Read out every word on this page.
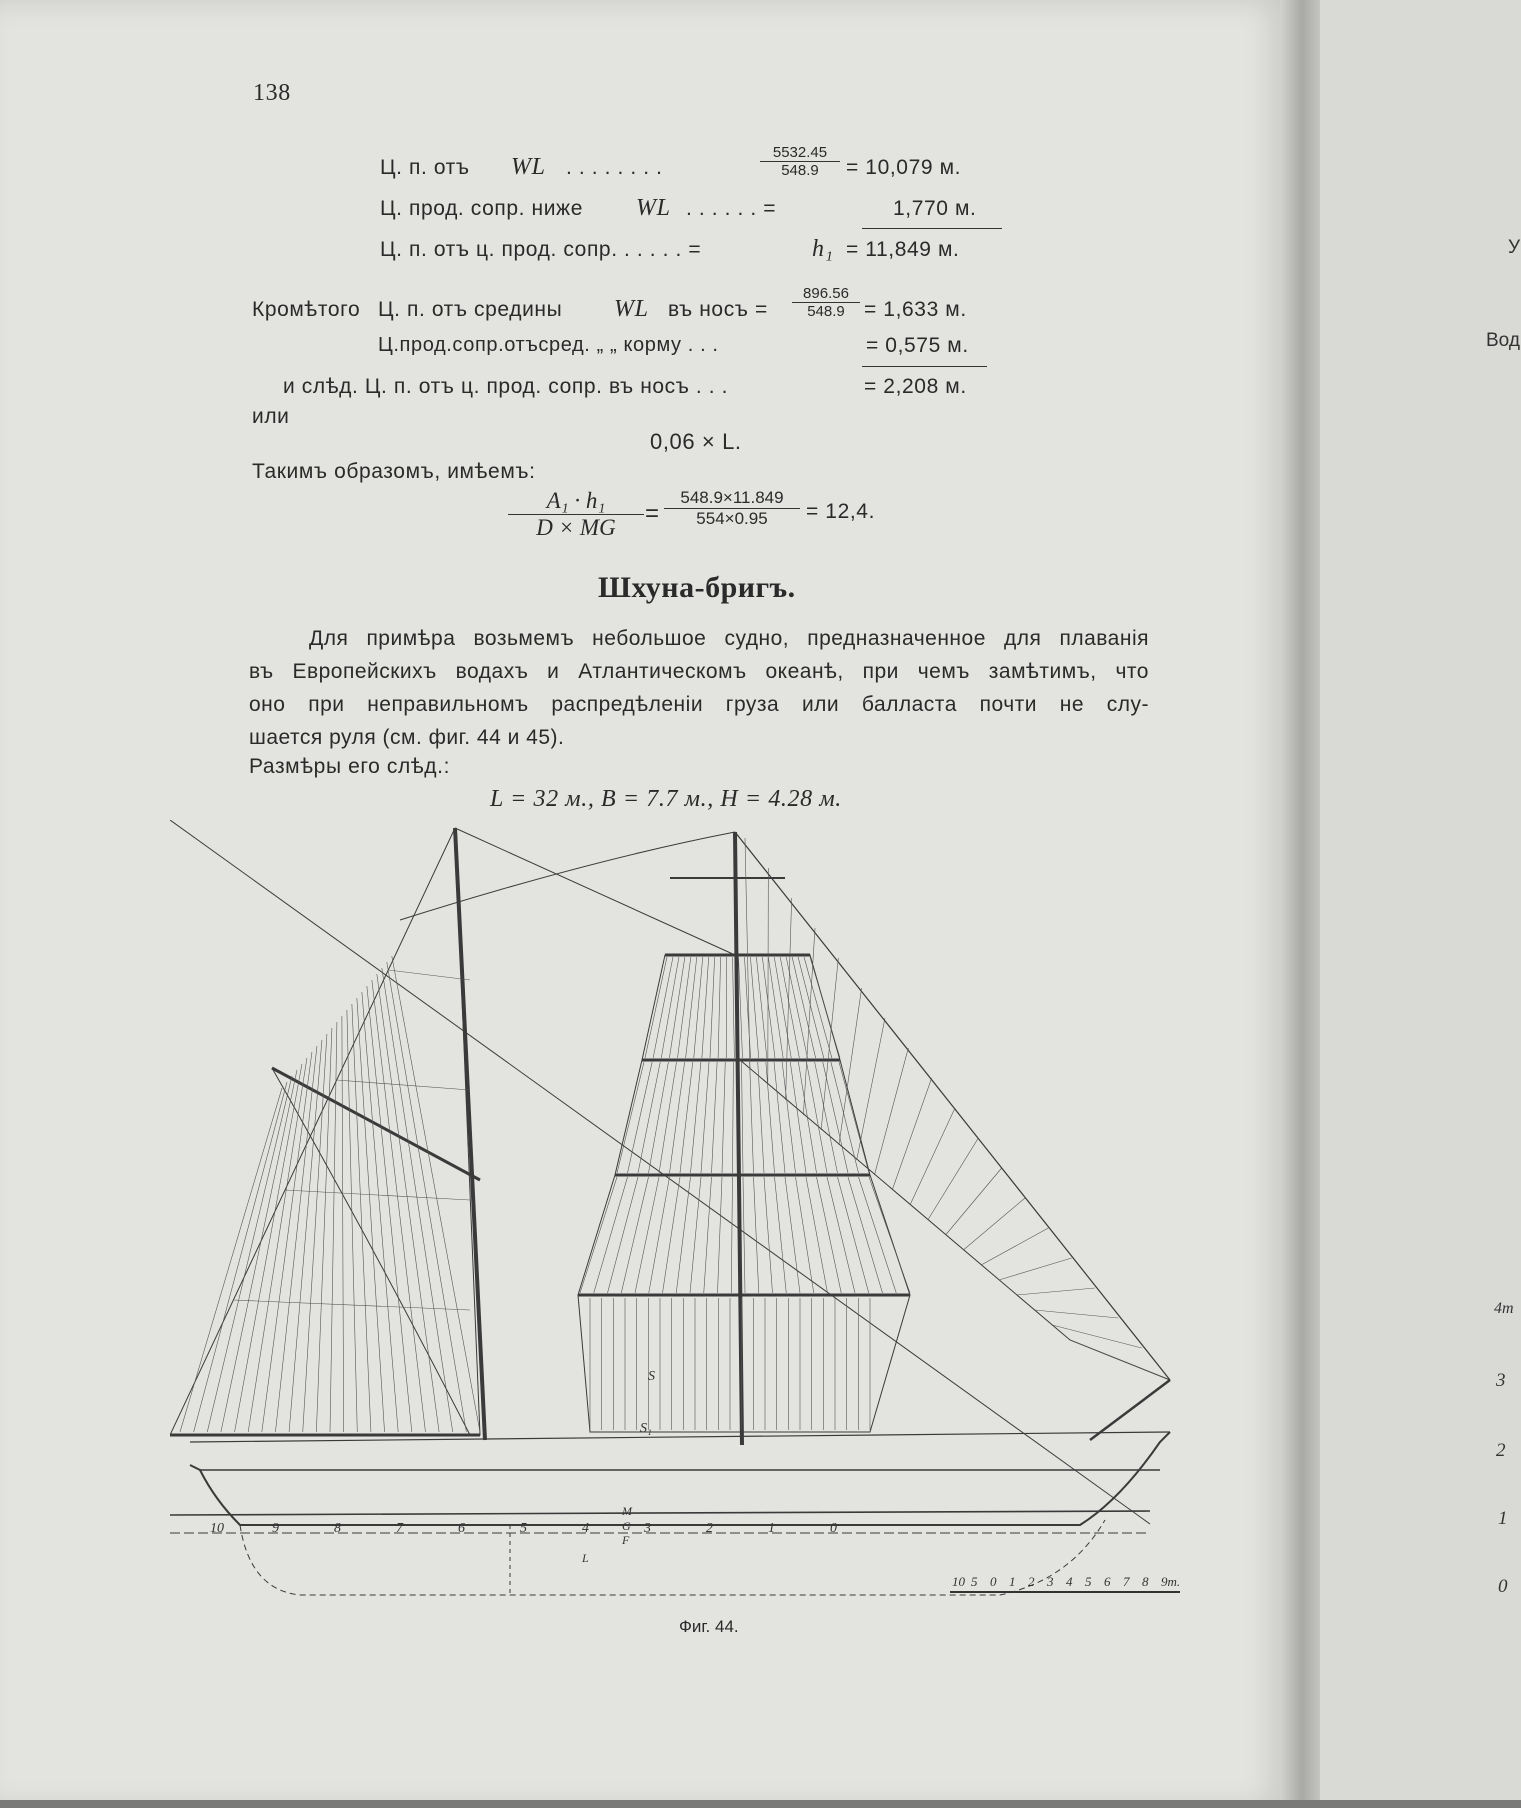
138
Ц. п. отъ WL . . . . . . . .	$\frac{5532.45}{548.9} = 10,079$ м.
Ц. прод. сопр. ниже WL . . . . . . =	1,770 м.
Ц. п. отъ ц. прод. сопр. . . . . . =	h₁ = 11,849 м.
Кромѣтого Ц. п. отъ средины WL въ носъ = $\frac{896.56}{548.9} = 1,633$ м.
Ц.прод.сопр.отъсред. „ „ корму . . .	= 0,575 м.
и слѣд. Ц. п. отъ ц. прод. сопр. въ носъ . . .	= 2,208 м.
или
0,06 × L.
Такимъ образомъ, имѣемъ:
$\frac{\text{A₁ · h₁}}{D \times MG} = \frac{548.9\times 11.849}{554\times 0.95} = 12,4$.
Шхуна-бригъ.
Для примѣра возьмемъ небольшое судно, предназначенное для плаванія
въ Европейскихъ водахъ и Атлантическомъ океанѣ, при чемъ замѣтимъ, что
оно при неправильномъ распредѣленіи груза или балласта почти не слу-
шается руля (см. фиг. 44 и 45).
Размѣры его слѣд.:
L = 32 м., B = 7.7 м., H = 4.28 м.
10	9	8	7	6	5	4	3	2	1	0
10 5 0 1 2 3 4 5 6 7 8 9m.
S
S₁
M
G
F
L
Фиг. 44.
Вод
У
4m
3
2
1
0
